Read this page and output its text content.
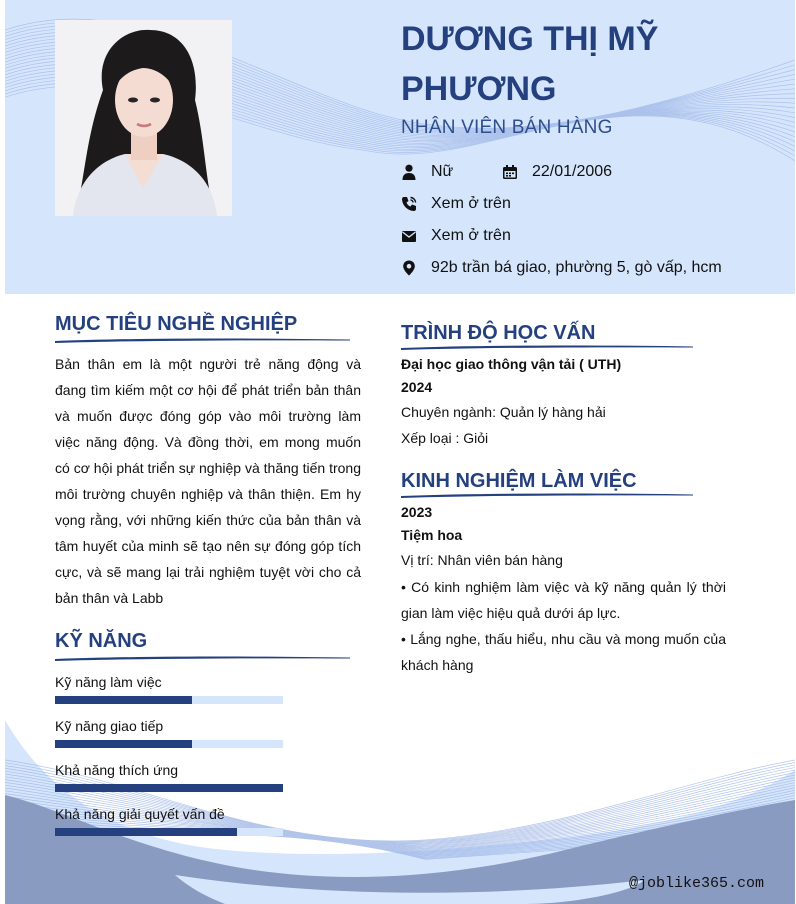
DƯƠNG THỊ MỸ PHƯƠNG
NHÂN VIÊN BÁN HÀNG
Nữ	22/01/2006
Xem ở trên
Xem ở trên
92b trần bá giao, phường 5, gò vấp, hcm
MỤC TIÊU NGHỀ NGHIỆP
Bản thân em là một người trẻ năng động và đang tìm kiếm một cơ hội để phát triển bản thân và muốn được đóng góp vào môi trường làm việc năng động. Và đồng thời, em mong muốn có cơ hội phát triển sự nghiệp và thăng tiến trong môi trường chuyên nghiệp và thân thiện. Em hy vọng rằng, với những kiến thức của bản thân và tâm huyết của minh sẽ tạo nên sự đóng góp tích cực, và sẽ mang lại trải nghiệm tuyệt vời cho cả bản thân và Labb
KỸ NĂNG
Kỹ năng làm việc
Kỹ năng giao tiếp
Khả năng thích ứng
Khả năng giải quyết vấn đề
TRÌNH ĐỘ HỌC VẤN
Đại học giao thông vận tải ( UTH)
2024
Chuyên ngành: Quản lý hàng hải
Xếp loại : Giỏi
KINH NGHIỆM LÀM VIỆC
2023
Tiệm hoa
Vị trí: Nhân viên bán hàng

• Có kinh nghiệm làm việc và kỹ năng quản lý thời gian làm việc hiệu quả dưới áp lực.

• Lắng nghe, thấu hiểu, nhu cầu và mong muốn của khách hàng

@joblike365.com
